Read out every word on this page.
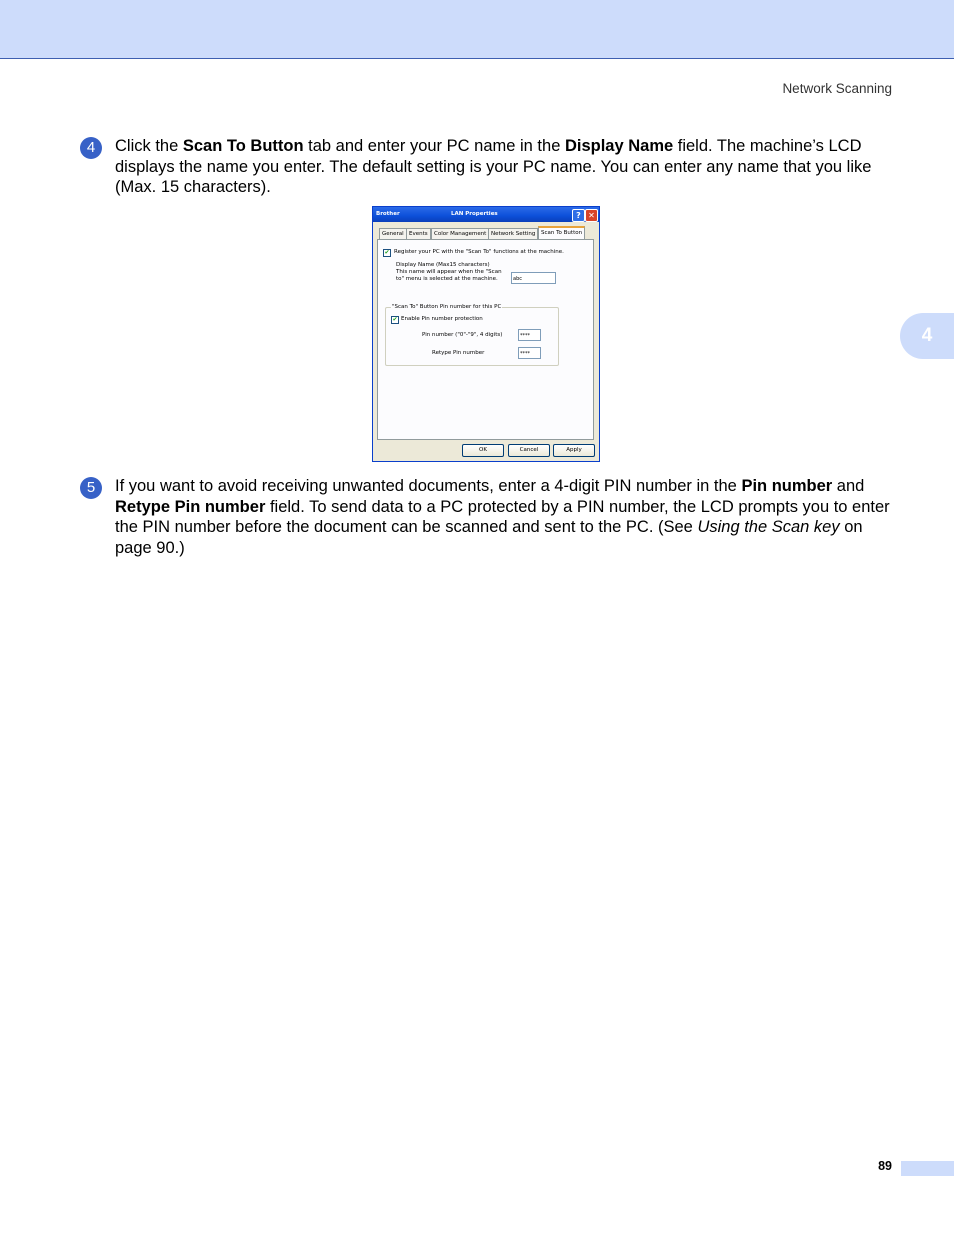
Network Scanning
4
4	Click the Scan To Button tab and enter your PC name in the Display Name field. The machine’s LCD displays the name you enter. The default setting is your PC name. You can enter any name that you like (Max. 15 characters).
Brother	LAN Properties	? ✕
General Events	Color Management Network Setting	Scan To Button
✔ Register your PC with the "Scan To" functions at the machine.
Display Name (Max15 characters)
This name will appear when the "Scan
to" menu is selected at the machine.	abc
"Scan To" Button Pin number for this PC
✔ Enable Pin number protection
Pin number ("0"-"9", 4 digits)	****
Retype Pin number	****
OK	Cancel	Apply
5	If you want to avoid receiving unwanted documents, enter a 4-digit PIN number in the Pin number and Retype Pin number field. To send data to a PC protected by a PIN number, the LCD prompts you to enter the PIN number before the document can be scanned and sent to the PC. (See Using the Scan key on page 90.)
89
